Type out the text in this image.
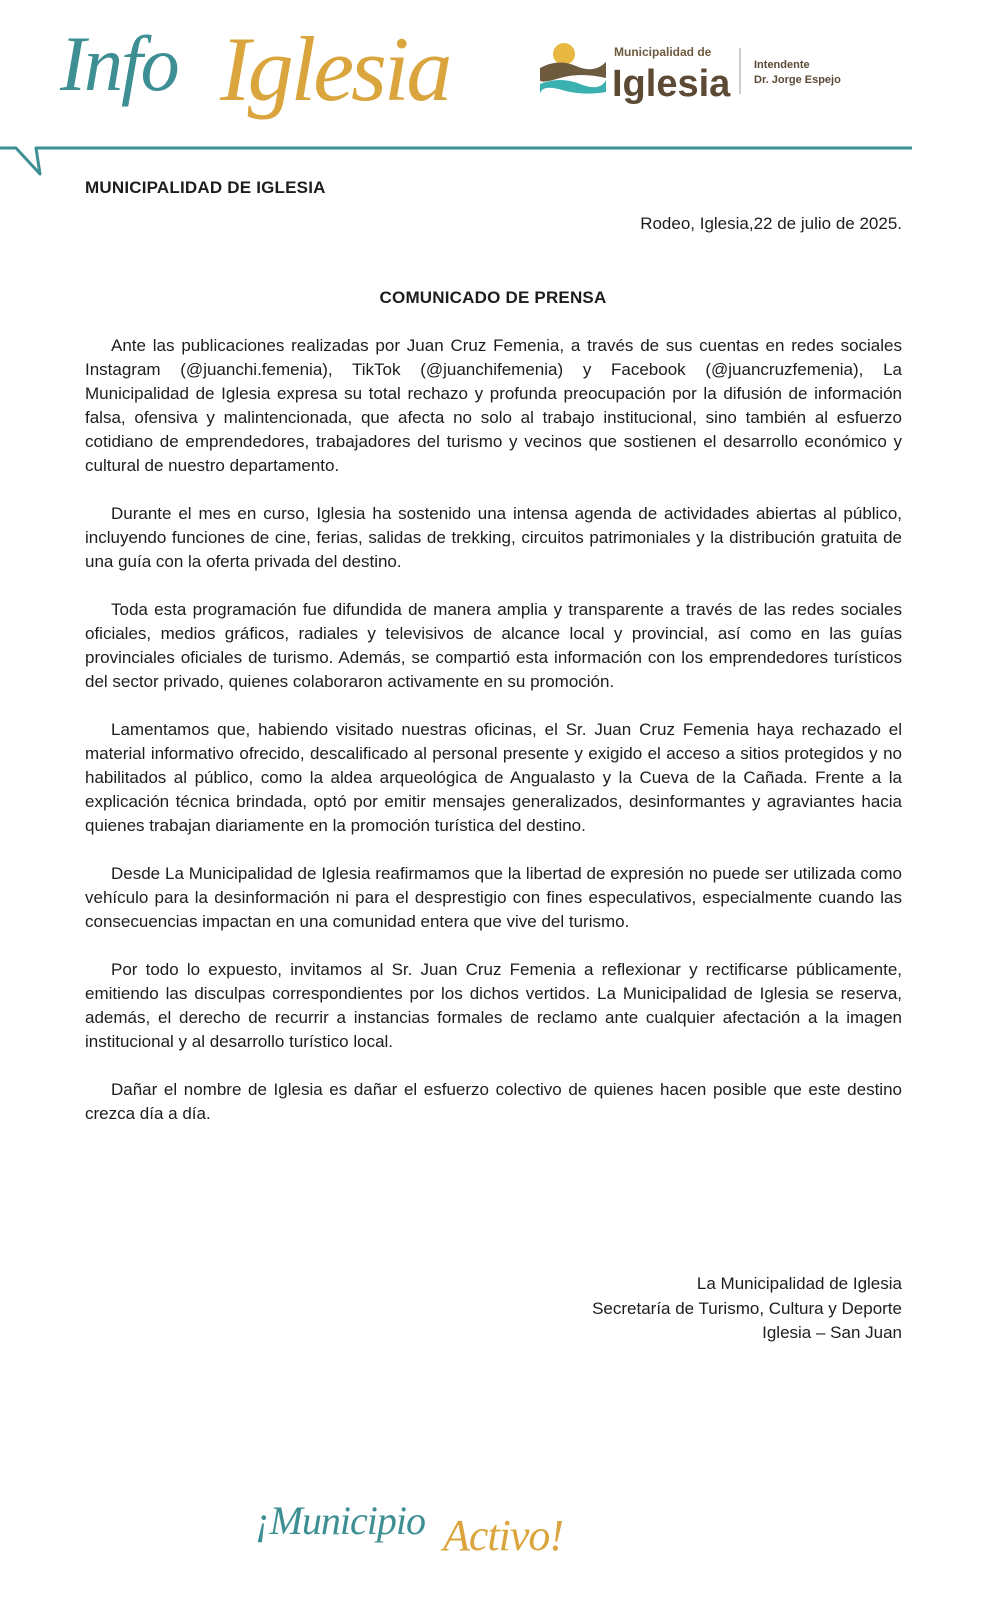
Info Iglesia	Municipalidad de
Iglesia Intendente
Dr. Jorge Espejo
MUNICIPALIDAD DE IGLESIA
Rodeo, Iglesia,22 de julio de 2025.
COMUNICADO DE PRENSA

Ante las publicaciones realizadas por Juan Cruz Femenia, a través de sus cuentas en redes sociales Instagram (@juanchi.femenia), TikTok (@juanchifemenia) y Facebook (@juancruzfemenia), La Municipalidad de Iglesia expresa su total rechazo y profunda preocupación por la difusión de información falsa, ofensiva y malintencionada, que afecta no solo al trabajo institucional, sino también al esfuerzo cotidiano de emprendedores, trabajadores del turismo y vecinos que sostienen el desarrollo económico y cultural de nuestro departamento.

Durante el mes en curso, Iglesia ha sostenido una intensa agenda de actividades abiertas al público, incluyendo funciones de cine, ferias, salidas de trekking, circuitos patrimoniales y la distribución gratuita de una guía con la oferta privada del destino.

Toda esta programación fue difundida de manera amplia y transparente a través de las redes sociales oficiales, medios gráficos, radiales y televisivos de alcance local y provincial, así como en las guías provinciales oficiales de turismo. Además, se compartió esta información con los emprendedores turísticos del sector privado, quienes colaboraron activamente en su promoción.

Lamentamos que, habiendo visitado nuestras oficinas, el Sr. Juan Cruz Femenia haya rechazado el material informativo ofrecido, descalificado al personal presente y exigido el acceso a sitios protegidos y no habilitados al público, como la aldea arqueológica de Angualasto y la Cueva de la Cañada. Frente a la explicación técnica brindada, optó por emitir mensajes generalizados, desinformantes y agraviantes hacia quienes trabajan diariamente en la promoción turística del destino.

Desde La Municipalidad de Iglesia reafirmamos que la libertad de expresión no puede ser utilizada como vehículo para la desinformación ni para el desprestigio con fines especulativos, especialmente cuando las consecuencias impactan en una comunidad entera que vive del turismo.

Por todo lo expuesto, invitamos al Sr. Juan Cruz Femenia a reflexionar y rectificarse públicamente, emitiendo las disculpas correspondientes por los dichos vertidos. La Municipalidad de Iglesia se reserva, además, el derecho de recurrir a instancias formales de reclamo ante cualquier afectación a la imagen institucional y al desarrollo turístico local.

Dañar el nombre de Iglesia es dañar el esfuerzo colectivo de quienes hacen posible que este destino crezca día a día.

La Municipalidad de Iglesia
Secretaría de Turismo, Cultura y Deporte
Iglesia – San Juan
¡Municipio Activo!
